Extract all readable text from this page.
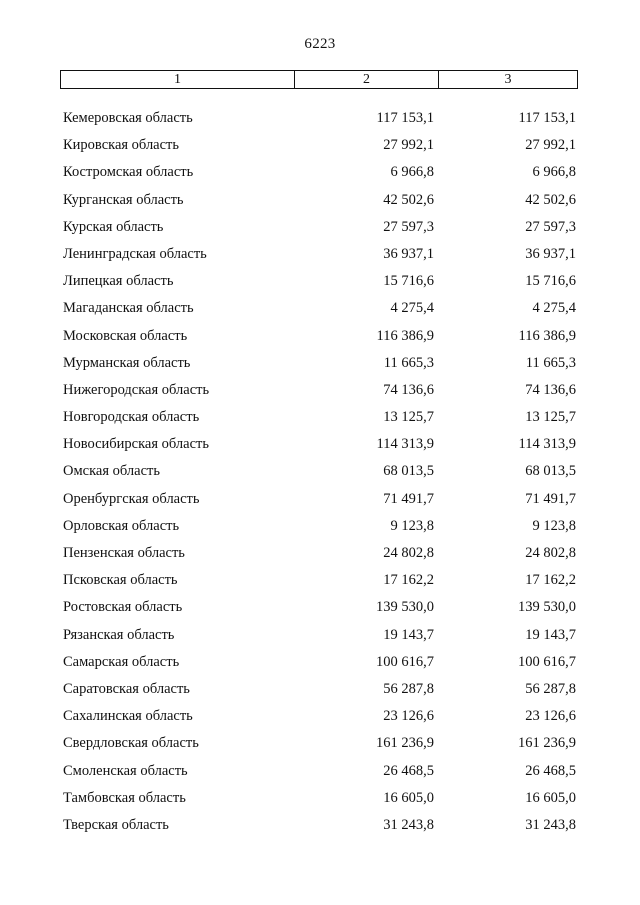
6223
1	2	3
Кемеровская область	117 153,1	117 153,1
Кировская область	27 992,1	27 992,1
Костромская область	6 966,8	6 966,8
Курганская область	42 502,6	42 502,6
Курская область	27 597,3	27 597,3
Ленинградская область	36 937,1	36 937,1
Липецкая область	15 716,6	15 716,6
Магаданская область	4 275,4	4 275,4
Московская область	116 386,9	116 386,9
Мурманская область	11 665,3	11 665,3
Нижегородская область	74 136,6	74 136,6
Новгородская область	13 125,7	13 125,7
Новосибирская область	114 313,9	114 313,9
Омская область	68 013,5	68 013,5
Оренбургская область	71 491,7	71 491,7
Орловская область	9 123,8	9 123,8
Пензенская область	24 802,8	24 802,8
Псковская область	17 162,2	17 162,2
Ростовская область	139 530,0	139 530,0
Рязанская область	19 143,7	19 143,7
Самарская область	100 616,7	100 616,7
Саратовская область	56 287,8	56 287,8
Сахалинская область	23 126,6	23 126,6
Свердловская область	161 236,9	161 236,9
Смоленская область	26 468,5	26 468,5
Тамбовская область	16 605,0	16 605,0
Тверская область	31 243,8	31 243,8
